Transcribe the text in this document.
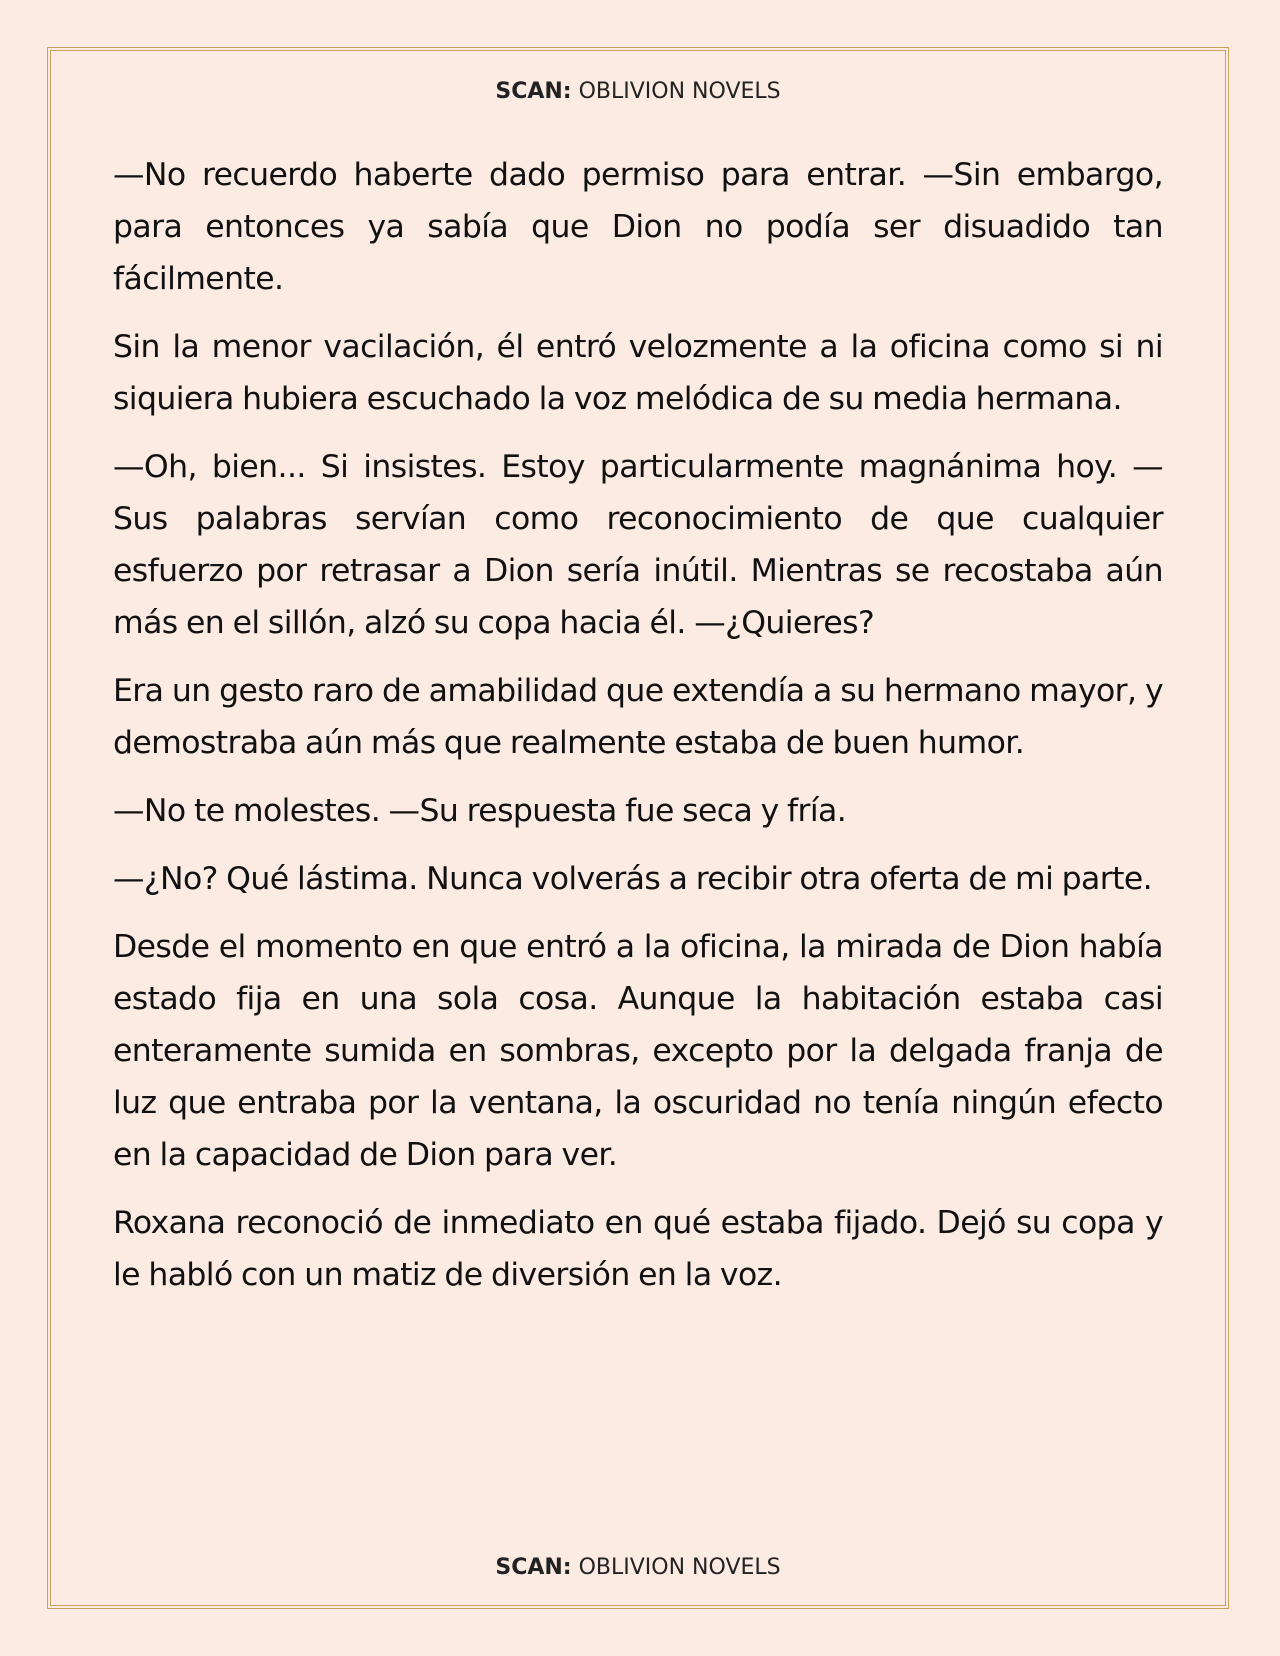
SCAN: OBLIVION NOVELS

—No recuerdo haberte dado permiso para entrar. —Sin embargo, para entonces ya sabía que Dion no podía ser disuadido tan fácilmente.

Sin la menor vacilación, él entró velozmente a la oficina como si ni siquiera hubiera escuchado la voz melódica de su media hermana.

—Oh, bien... Si insistes. Estoy particularmente magnánima hoy. —Sus palabras servían como reconocimiento de que cualquier esfuerzo por retrasar a Dion sería inútil. Mientras se recostaba aún más en el sillón, alzó su copa hacia él. —¿Quieres?

Era un gesto raro de amabilidad que extendía a su hermano mayor, y demostraba aún más que realmente estaba de buen humor.

—No te molestes. —Su respuesta fue seca y fría.

—¿No? Qué lástima. Nunca volverás a recibir otra oferta de mi parte.

Desde el momento en que entró a la oficina, la mirada de Dion había estado fija en una sola cosa. Aunque la habitación estaba casi enteramente sumida en sombras, excepto por la delgada franja de luz que entraba por la ventana, la oscuridad no tenía ningún efecto en la capacidad de Dion para ver.

Roxana reconoció de inmediato en qué estaba fijado. Dejó su copa y le habló con un matiz de diversión en la voz.

SCAN: OBLIVION NOVELS
